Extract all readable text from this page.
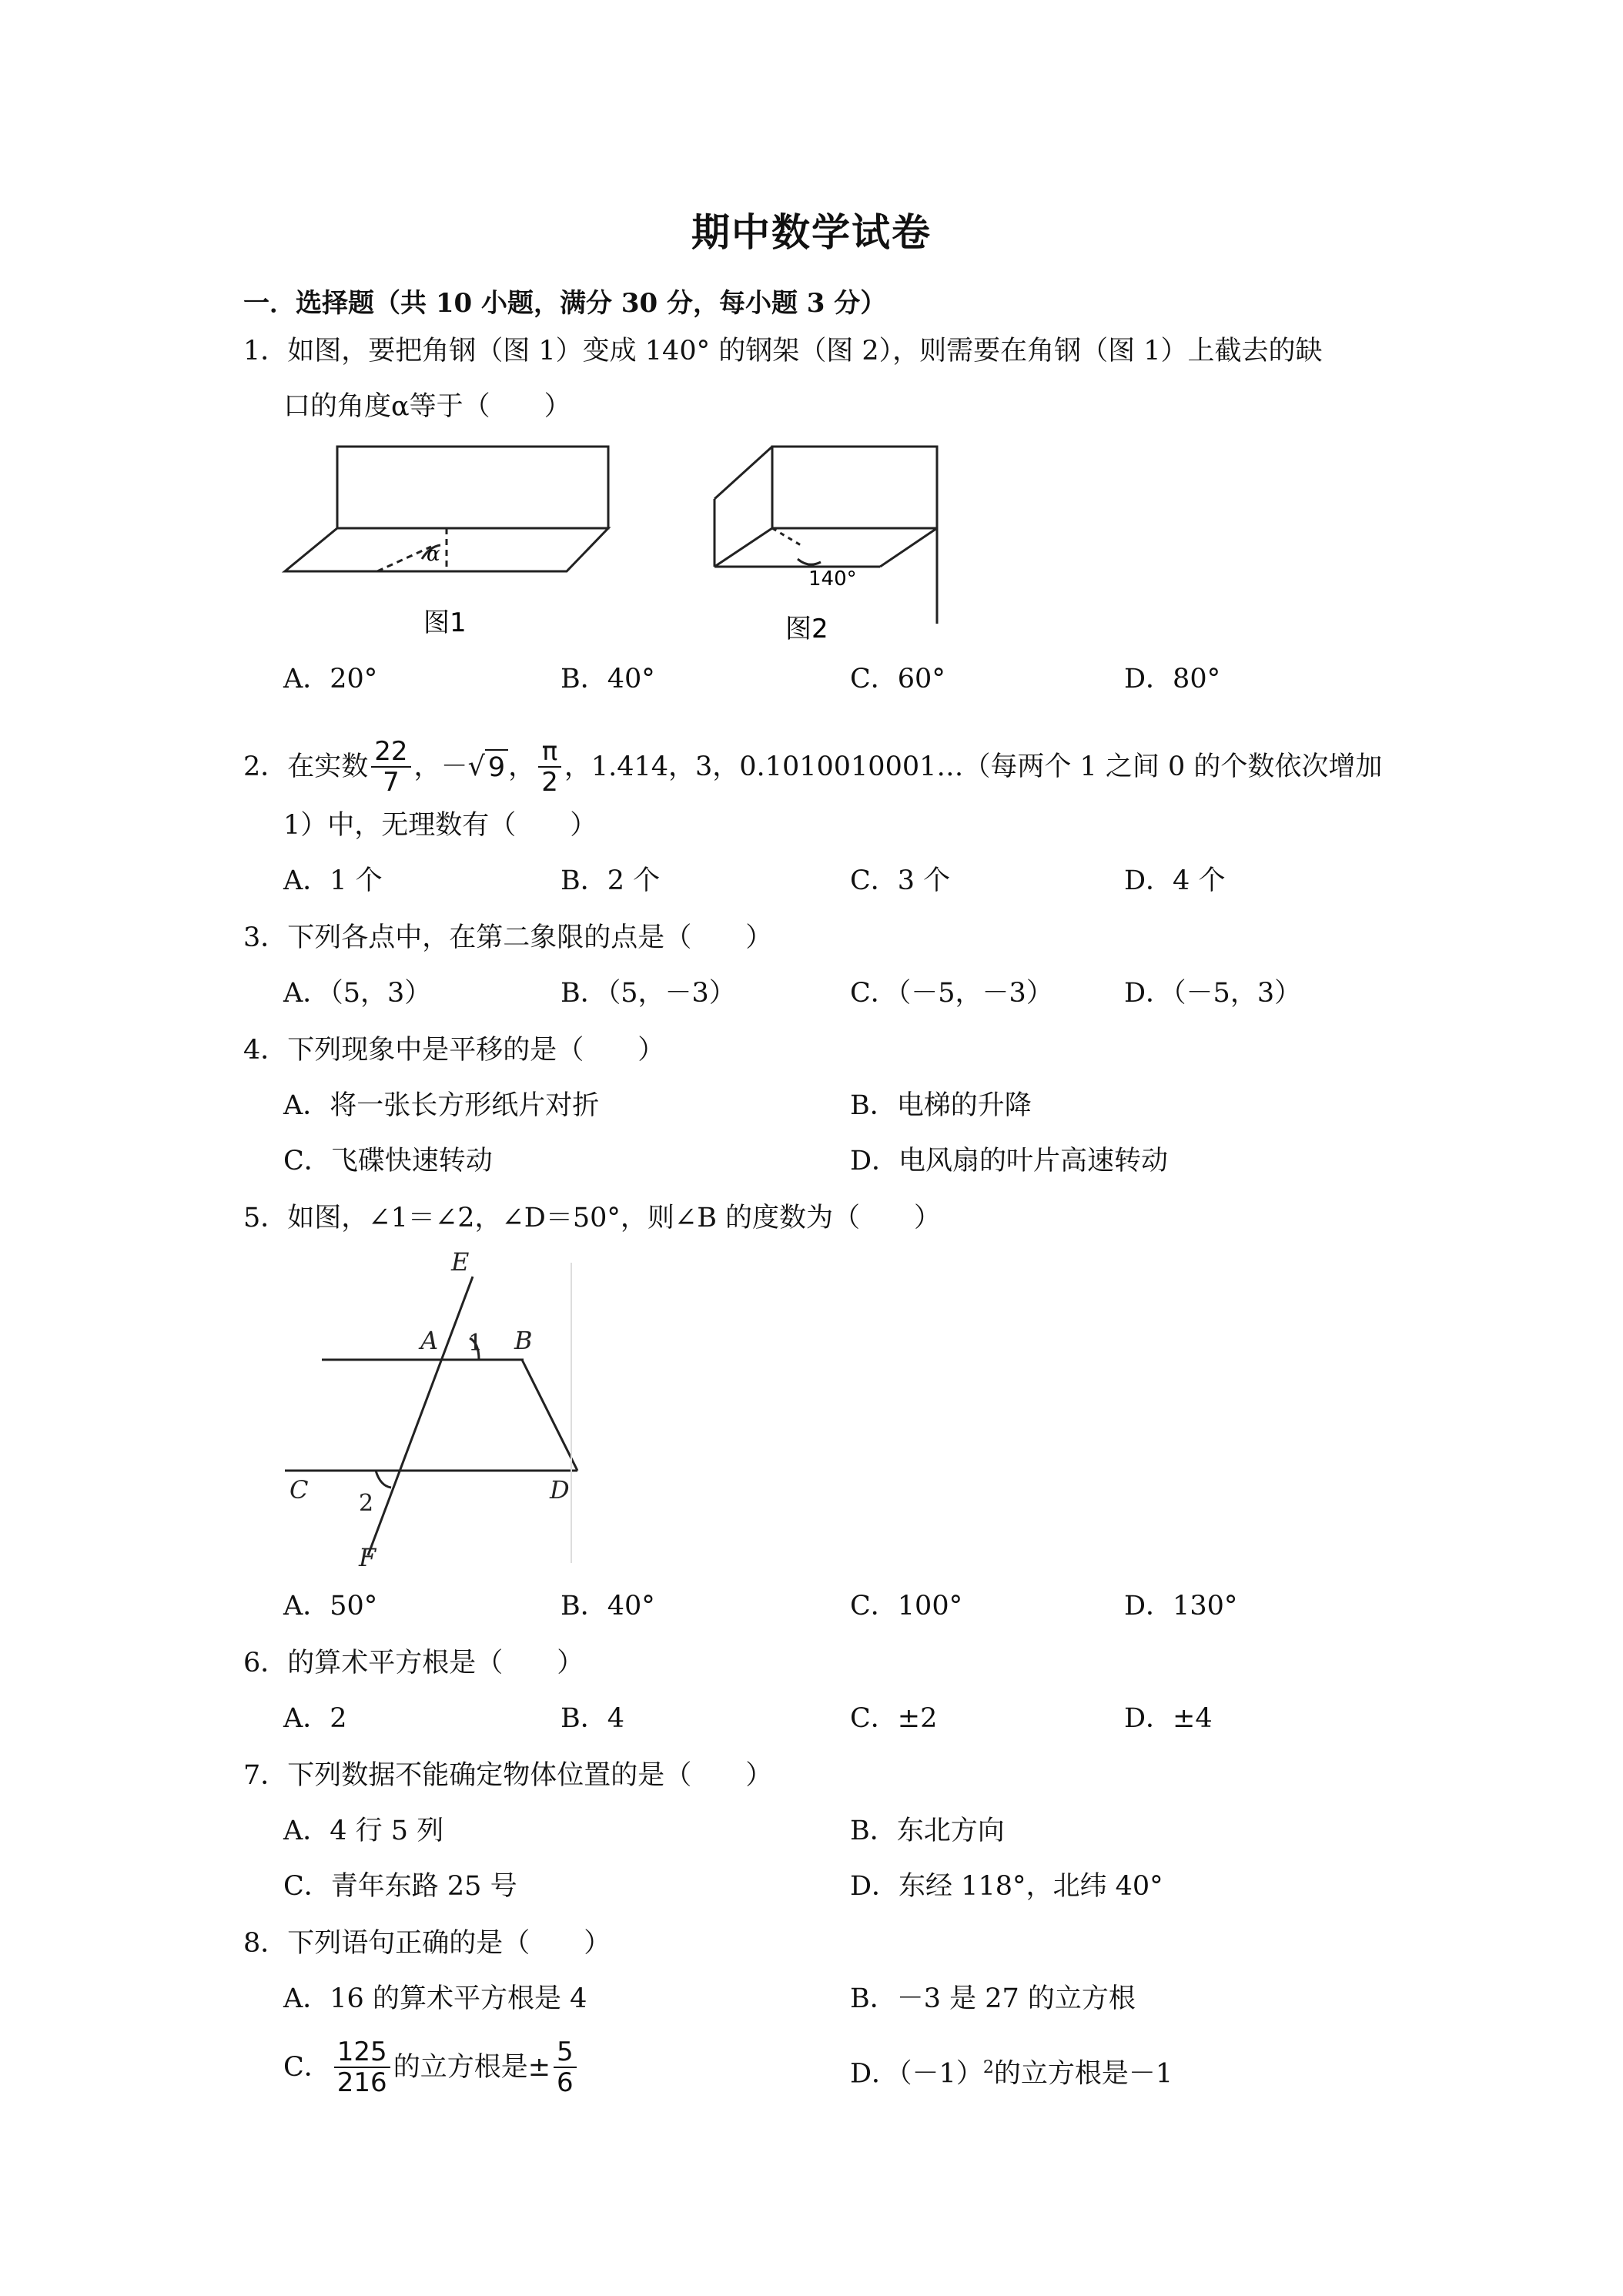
期中数学试卷
一．选择题（共 10 小题，满分 30 分，每小题 3 分）
1．如图，要把角钢（图 1）变成 140° 的钢架（图 2），则需要在角钢（图 1）上截去的缺
口的角度α等于（　　）
α
图1
140°
图2
A．20°	B．40°	C．60°	D．80°
2．在实数 $\frac{22}{7}$ ， － √ 9 ， $\frac{\pi}{2}$ ，1.414，3，0.1010010001…（每两个 1 之间 0 的个数依次增加
1）中，无理数有（　　）
A．1 个	B．2 个	C．3 个	D．4 个
3．下列各点中，在第二象限的点是（　　）
A．（5，3）	B．（5，－3）	C．（－5，－3）	D．（－5，3）
4．下列现象中是平移的是（　　）
A．将一张长方形纸片对折	B．电梯的升降
C．飞碟快速转动	D．电风扇的叶片高速转动
5．如图，∠1＝∠2，∠D＝50°，则∠B 的度数为（　　）
E
A	B
C	D
F
1
2
A．50°	B．40°	C．100°	D．130°
6．的算术平方根是（　　）
A．2	B．4	C．±2	D．±4
7．下列数据不能确定物体位置的是（　　）
A．4 行 5 列	B．东北方向
C．青年东路 25 号	D．东经 118°，北纬 40°
8．下列语句正确的是（　　）
A．16 的算术平方根是 4	B．－3 是 27 的立方根
C． $\frac{125}{216}$ 的立方根是± $\frac{5}{6}$	D．$(-1)^2$的立方根是－1
